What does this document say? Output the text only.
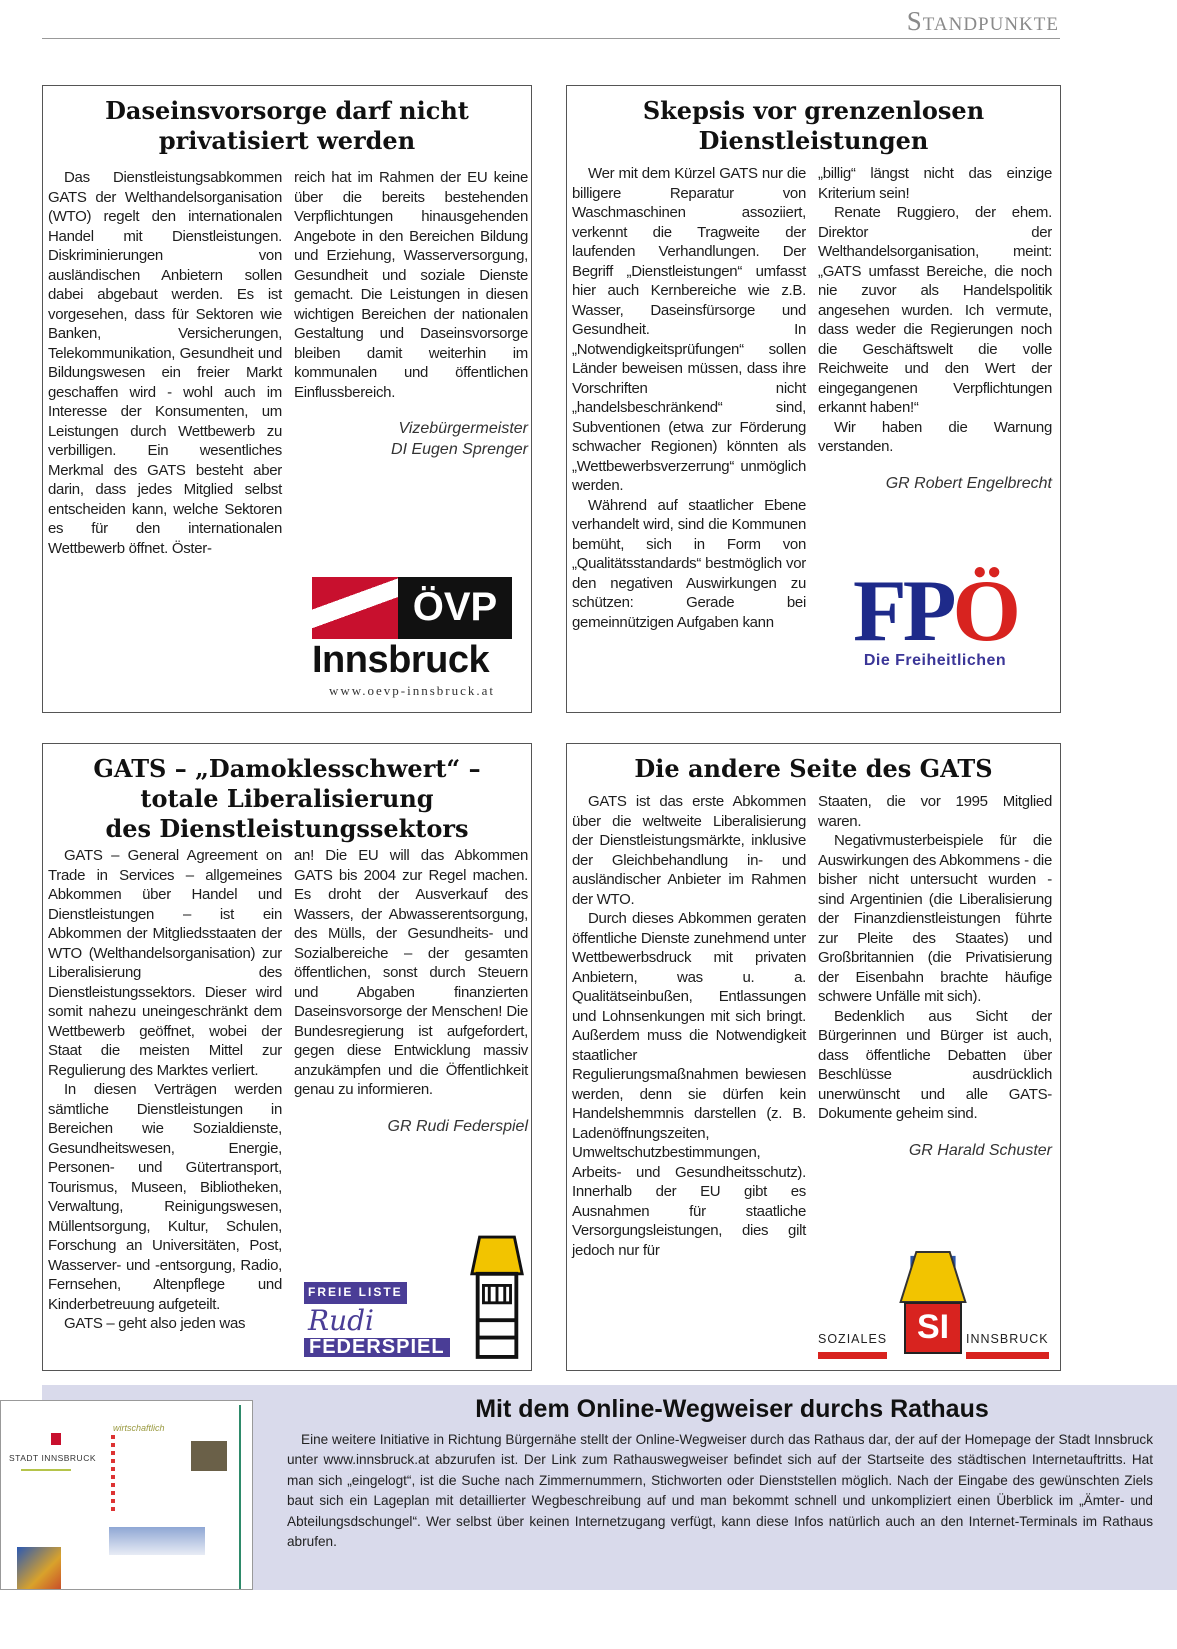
Standpunkte
Daseinsvorsorge darf nicht
privatisiert werden

Das Dienstleistungsabkommen GATS der Welthandelsorganisation (WTO) regelt den internationalen Handel mit Dienstleistungen. Diskriminierungen von ausländischen Anbietern sollen dabei abgebaut werden. Es ist vorgesehen, dass für Sektoren wie Banken, Versicherungen, Telekommunikation, Gesundheit und Bildungswesen ein freier Markt geschaffen wird - wohl auch im Interesse der Konsumenten, um Leistungen durch Wettbewerb zu verbilligen. Ein wesentliches Merkmal des GATS besteht aber darin, dass jedes Mitglied selbst entscheiden kann, welche Sektoren es für den internationalen Wettbewerb öffnet. Öster-

reich hat im Rahmen der EU keine über die bereits bestehenden Verpflichtungen hinausgehenden Angebote in den Bereichen Bildung und Erziehung, Wasserversorgung, Gesundheit und soziale Dienste gemacht. Die Leistungen in diesen wichtigen Bereichen der nationalen Gestaltung und Daseinsvorsorge bleiben damit weiterhin im kommunalen und öffentlichen Einflussbereich.

Vizebürgermeister
DI Eugen Sprenger
ÖVP
Innsbruck
www.oevp-innsbruck.at
Skepsis vor grenzenlosen
Dienstleistungen

Wer mit dem Kürzel GATS nur die billigere Reparatur von Waschmaschinen assoziiert, verkennt die Tragweite der laufenden Verhandlungen. Der Begriff „Dienstleistungen“ umfasst hier auch Kernbereiche wie z.B. Wasser, Daseinsfürsorge und Gesundheit. In „Notwendigkeitsprüfungen“ sollen Länder beweisen müssen, dass ihre Vorschriften nicht „handelsbeschränkend“ sind, Subventionen (etwa zur Förderung schwacher Regionen) könnten als „Wettbewerbsverzerrung“ unmöglich werden.

Während auf staatlicher Ebene verhandelt wird, sind die Kommunen bemüht, sich in Form von „Qualitätsstandards“ bestmöglich vor den negativen Auswirkungen zu schützen: Gerade bei gemeinnützigen Aufgaben kann

„billig“ längst nicht das einzige Kriterium sein!

Renate Ruggiero, der ehem. Direktor der Welthandelsorganisation, meint: „GATS umfasst Bereiche, die noch nie zuvor als Handelspolitik angesehen wurden. Ich vermute, dass weder die Regierungen noch die Geschäftswelt die volle Reichweite und den Wert der eingegangenen Verpflichtungen erkannt haben!“

Wir haben die Warnung verstanden.

GR Robert Engelbrecht
FPÖ
Die Freiheitlichen
GATS – „Damoklesschwert“ –
totale Liberalisierung
des Dienstleistungssektors

GATS – General Agreement on Trade in Services – allgemeines Abkommen über Handel und Dienstleistungen – ist ein Abkommen der Mitgliedsstaaten der WTO (Welthandelsorganisation) zur Liberalisierung des Dienstleistungssektors. Dieser wird somit nahezu uneingeschränkt dem Wettbewerb geöffnet, wobei der Staat die meisten Mittel zur Regulierung des Marktes verliert.

In diesen Verträgen werden sämtliche Dienstleistungen in Bereichen wie Sozialdienste, Gesundheitswesen, Energie, Personen- und Gütertransport, Tourismus, Museen, Bibliotheken, Verwaltung, Reinigungswesen, Müllentsorgung, Kultur, Schulen, Forschung an Universitäten, Post, Wasserver- und -entsorgung, Radio, Fernsehen, Altenpflege und Kinderbetreuung aufgeteilt.

GATS – geht also jeden was

an! Die EU will das Abkommen GATS bis 2004 zur Regel machen. Es droht der Ausverkauf des Wassers, der Abwasserentsorgung, des Mülls, der Gesundheits- und Sozialbereiche – der gesamten öffentlichen, sonst durch Steuern und Abgaben finanzierten Daseinsvorsorge der Menschen! Die Bundesregierung ist aufgefordert, gegen diese Entwicklung massiv anzukämpfen und die Öffentlichkeit genau zu informieren.

GR Rudi Federspiel
FREIE LISTE
Rudi
FEDERSPIEL
Die andere Seite des GATS

GATS ist das erste Abkommen über die weltweite Liberalisierung der Dienstleistungsmärkte, inklusive der Gleichbehandlung in- und ausländischer Anbieter im Rahmen der WTO.

Durch dieses Abkommen geraten öffentliche Dienste zunehmend unter Wettbewerbsdruck mit privaten Anbietern, was u. a. Qualitätseinbußen, Entlassungen und Lohnsenkungen mit sich bringt. Außerdem muss die Notwendigkeit staatlicher Regulierungsmaßnahmen bewiesen werden, denn sie dürfen kein Handelshemmnis darstellen (z. B. Ladenöffnungszeiten, Umweltschutzbestimmungen, Arbeits- und Gesundheitsschutz). Innerhalb der EU gibt es Ausnahmen für staatliche Versorgungsleistungen, dies gilt jedoch nur für

Staaten, die vor 1995 Mitglied waren.

Negativmusterbeispiele für die Auswirkungen des Abkommens - die bisher nicht untersucht wurden - sind Argentinien (die Liberalisierung der Finanzdienstleistungen führte zur Pleite des Staates) und Großbritannien (die Privatisierung der Eisenbahn brachte häufige schwere Unfälle mit sich).

Bedenklich aus Sicht der Bürgerinnen und Bürger ist auch, dass öffentliche Debatten über Beschlüsse ausdrücklich unerwünscht und alle GATS-Dokumente geheim sind.

GR Harald Schuster
SOZIALES SI	INNSBRUCK
Mit dem Online-Wegweiser durchs Rathaus

Eine weitere Initiative in Richtung Bürgernähe stellt der Online-Wegweiser durch das Rathaus dar, der auf der Homepage der Stadt Innsbruck unter www.innsbruck.at abzurufen ist. Der Link zum Rathauswegweiser befindet sich auf der Startseite des städtischen Internetauftritts. Hat man sich „eingelogt“, ist die Suche nach Zimmernummern, Stichworten oder Dienststellen möglich. Nach der Eingabe des gewünschten Ziels baut sich ein Lageplan mit detaillierter Wegbeschreibung auf und man bekommt schnell und unkompliziert einen Überblick im „Ämter- und Abteilungsdschungel“. Wer selbst über keinen Internetzugang verfügt, kann diese Infos natürlich auch an den Internet-Terminals im Rathaus abrufen.

STADT INNSBRUCK
wirtschaftlich
